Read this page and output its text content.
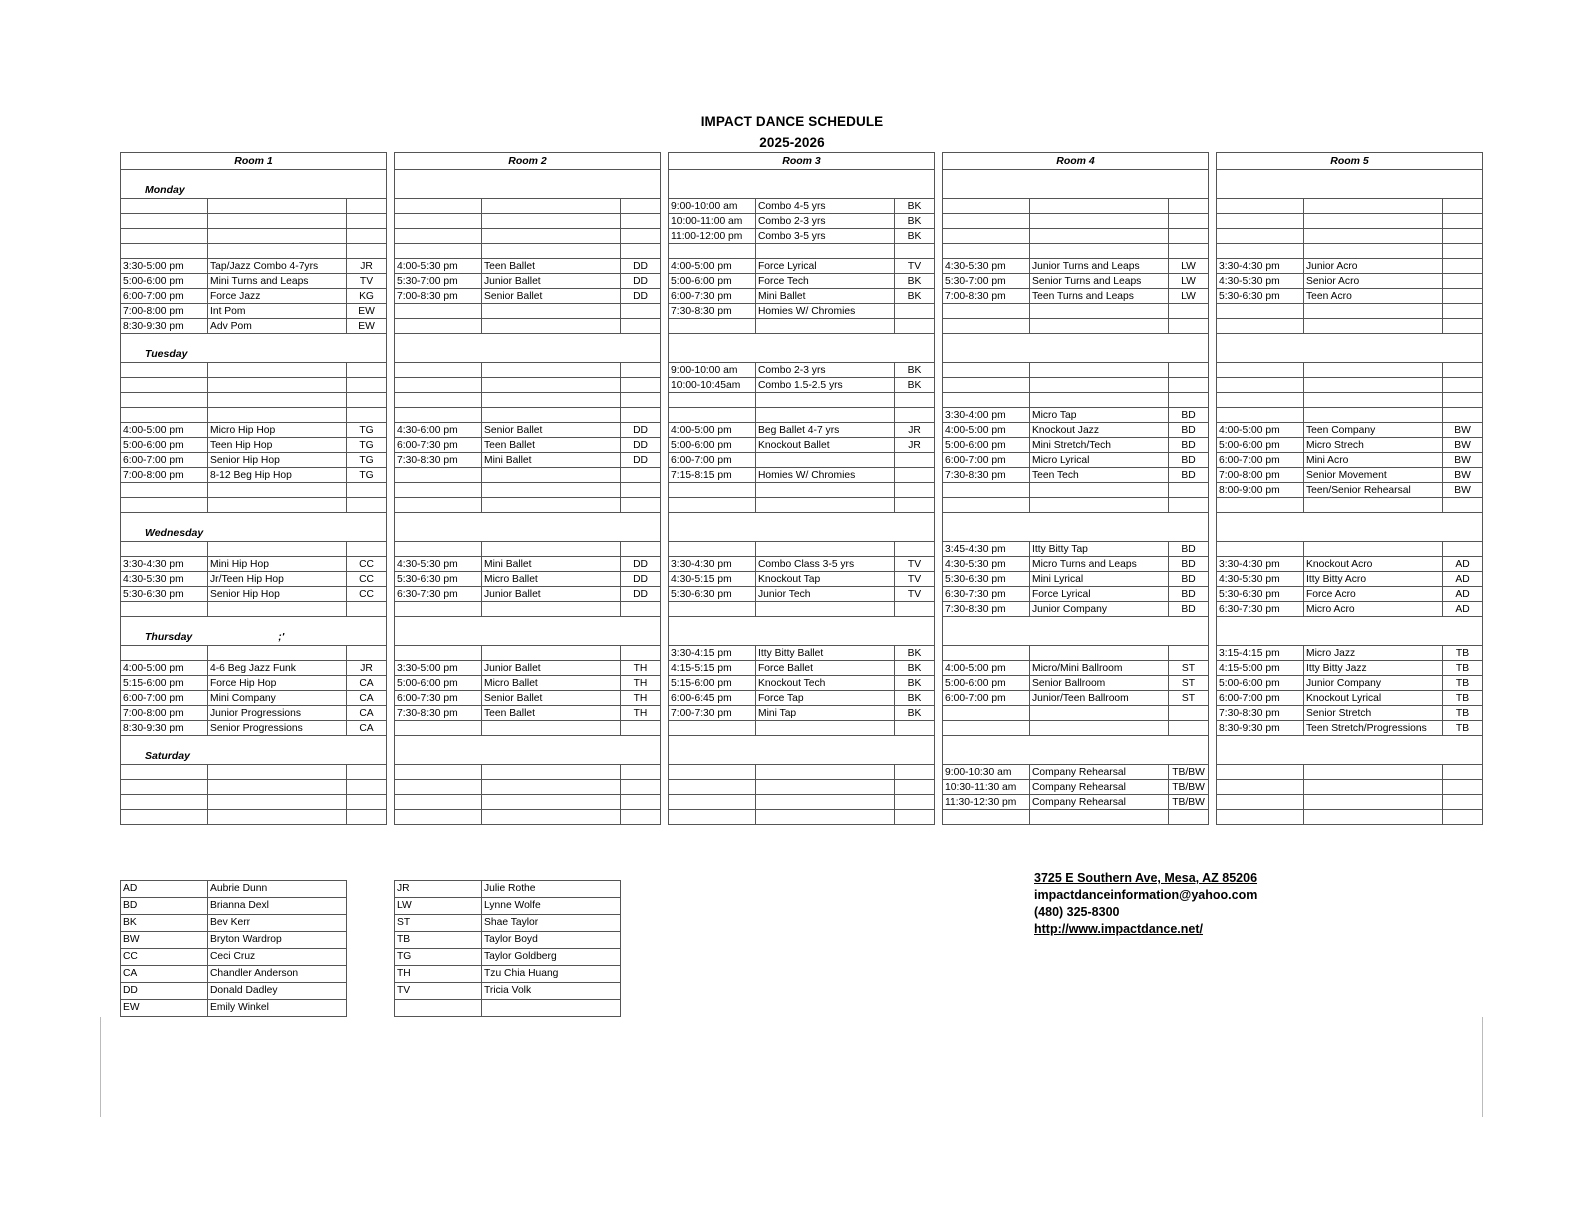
IMPACT DANCE SCHEDULE
2025-2026
Room 1		
Monday		

3:30-5:00 pm	Tap/Jazz Combo 4-7yrs	JR
5:00-6:00 pm	Mini Turns and Leaps	TV
6:00-7:00 pm	Force Jazz	KG
7:00-8:00 pm	Int Pom	EW
8:30-9:30 pm	Adv Pom	EW
Tuesday		

4:00-5:00 pm	Micro Hip Hop	TG
5:00-6:00 pm	Teen Hip Hop	TG
6:00-7:00 pm	Senior Hip Hop	TG
7:00-8:00 pm	8-12 Beg Hip Hop	TG

Wednesday		

3:30-4:30 pm	Mini Hip Hop	CC
4:30-5:30 pm	Jr/Teen Hip Hop	CC
5:30-6:30 pm	Senior Hip Hop	CC

Thursday ;'		

4:00-5:00 pm	4-6 Beg Jazz Funk	JR
5:15-6:00 pm	Force Hip Hop	CA
6:00-7:00 pm	Mini Company	CA
7:00-8:00 pm	Junior Progressions	CA
8:30-9:30 pm	Senior Progressions	CA
Saturday		

Room 2		

4:00-5:30 pm	Teen Ballet	DD
5:30-7:00 pm	Junior Ballet	DD
7:00-8:30 pm	Senior Ballet	DD

4:30-6:00 pm	Senior Ballet	DD
6:00-7:30 pm	Teen Ballet	DD
7:30-8:30 pm	Mini Ballet	DD

4:30-5:30 pm	Mini Ballet	DD
5:30-6:30 pm	Micro Ballet	DD
6:30-7:30 pm	Junior Ballet	DD

3:30-5:00 pm	Junior Ballet	TH
5:00-6:00 pm	Micro Ballet	TH
6:00-7:30 pm	Senior Ballet	TH
7:30-8:30 pm	Teen Ballet	TH

Room 3		

9:00-10:00 am	Combo 4-5 yrs	BK
10:00-11:00 am	Combo 2-3 yrs	BK
11:00-12:00 pm	Combo 3-5 yrs	BK

4:00-5:00 pm	Force Lyrical	TV
5:00-6:00 pm	Force Tech	BK
6:00-7:30 pm	Mini Ballet	BK
7:30-8:30 pm	Homies W/ Chromies	

9:00-10:00 am	Combo 2-3 yrs	BK
10:00-10:45am	Combo 1.5-2.5 yrs	BK

4:00-5:00 pm	Beg Ballet 4-7 yrs	JR
5:00-6:00 pm	Knockout Ballet	JR
6:00-7:00 pm		
7:15-8:15 pm	Homies W/ Chromies	

3:30-4:30 pm	Combo Class 3-5 yrs	TV
4:30-5:15 pm	Knockout Tap	TV
5:30-6:30 pm	Junior Tech	TV

3:30-4:15 pm	Itty Bitty Ballet	BK
4:15-5:15 pm	Force Ballet	BK
5:15-6:00 pm	Knockout Tech	BK
6:00-6:45 pm	Force Tap	BK
7:00-7:30 pm	Mini Tap	BK

Room 4		

4:30-5:30 pm	Junior Turns and Leaps	LW
5:30-7:00 pm	Senior Turns and Leaps	LW
7:00-8:30 pm	Teen Turns and Leaps	LW

3:30-4:00 pm	Micro Tap	BD
4:00-5:00 pm	Knockout Jazz	BD
5:00-6:00 pm	Mini Stretch/Tech	BD
6:00-7:00 pm	Micro Lyrical	BD
7:30-8:30 pm	Teen Tech	BD

3:45-4:30 pm	Itty Bitty Tap	BD
4:30-5:30 pm	Micro Turns and Leaps	BD
5:30-6:30 pm	Mini Lyrical	BD
6:30-7:30 pm	Force Lyrical	BD
7:30-8:30 pm	Junior Company	BD

4:00-5:00 pm	Micro/Mini Ballroom	ST
5:00-6:00 pm	Senior Ballroom	ST
6:00-7:00 pm	Junior/Teen Ballroom	ST

9:00-10:30 am	Company Rehearsal	TB/BW
10:30-11:30 am	Company Rehearsal	TB/BW
11:30-12:30 pm	Company Rehearsal	TB/BW

Room 5		

3:30-4:30 pm	Junior Acro	
4:30-5:30 pm	Senior Acro	
5:30-6:30 pm	Teen Acro	

4:00-5:00 pm	Teen Company	BW
5:00-6:00 pm	Micro Strech	BW
6:00-7:00 pm	Mini Acro	BW
7:00-8:00 pm	Senior Movement	BW
8:00-9:00 pm	Teen/Senior Rehearsal	BW

3:30-4:30 pm	Knockout Acro	AD
4:30-5:30 pm	Itty Bitty Acro	AD
5:30-6:30 pm	Force Acro	AD
6:30-7:30 pm	Micro Acro	AD

3:15-4:15 pm	Micro Jazz	TB
4:15-5:00 pm	Itty Bitty Jazz	TB
5:00-6:00 pm	Junior Company	TB
6:00-7:00 pm	Knockout Lyrical	TB
7:30-8:30 pm	Senior Stretch	TB
8:30-9:30 pm	Teen Stretch/Progressions	TB

AD	Aubrie Dunn
BD	Brianna Dexl
BK	Bev Kerr
BW	Bryton Wardrop
CC	Ceci Cruz
CA	Chandler Anderson
DD	Donald Dadley
EW	Emily Winkel
JR	Julie Rothe
LW	Lynne Wolfe
ST	Shae Taylor
TB	Taylor Boyd
TG	Taylor Goldberg
TH	Tzu Chia Huang
TV	Tricia Volk

3725 E Southern Ave, Mesa, AZ 85206
impactdanceinformation@yahoo.com
(480) 325-8300
http://www.impactdance.net/
